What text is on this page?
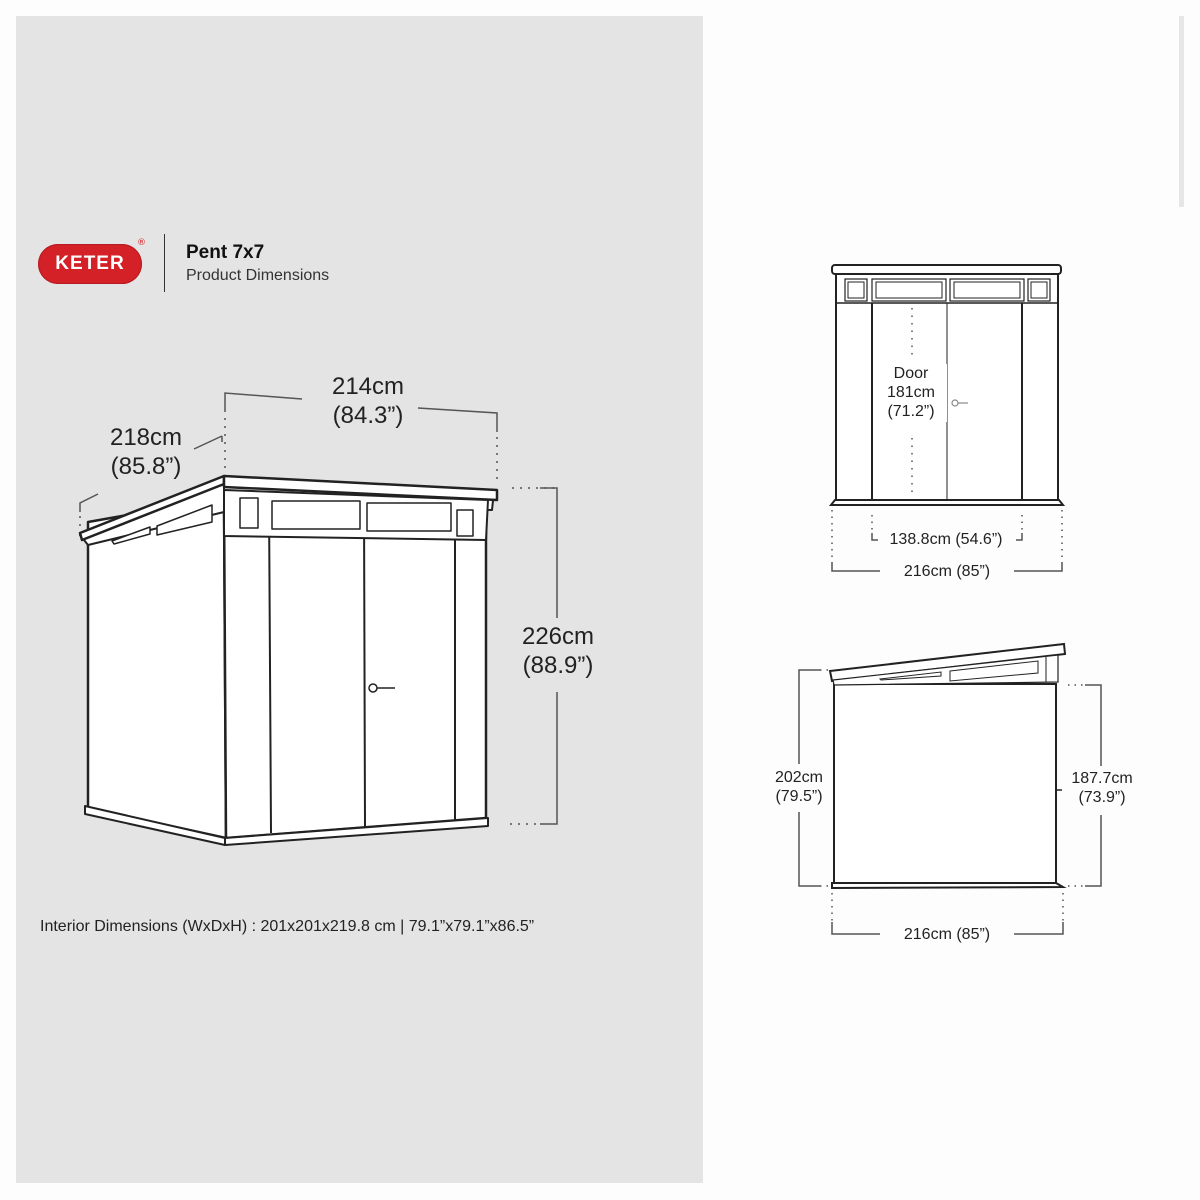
KETER
® Pent 7x7
Product Dimensions
214cm
(84.3”)
218cm
(85.8”)
226cm
(88.9”)
Interior Dimensions (WxDxH) : 201x201x219.8 cm | 79.1”x79.1”x86.5”
Door
181cm
(71.2”)
138.8cm (54.6”)
216cm (85”)
202cm
(79.5”)
187.7cm
(73.9”)
216cm (85”)
